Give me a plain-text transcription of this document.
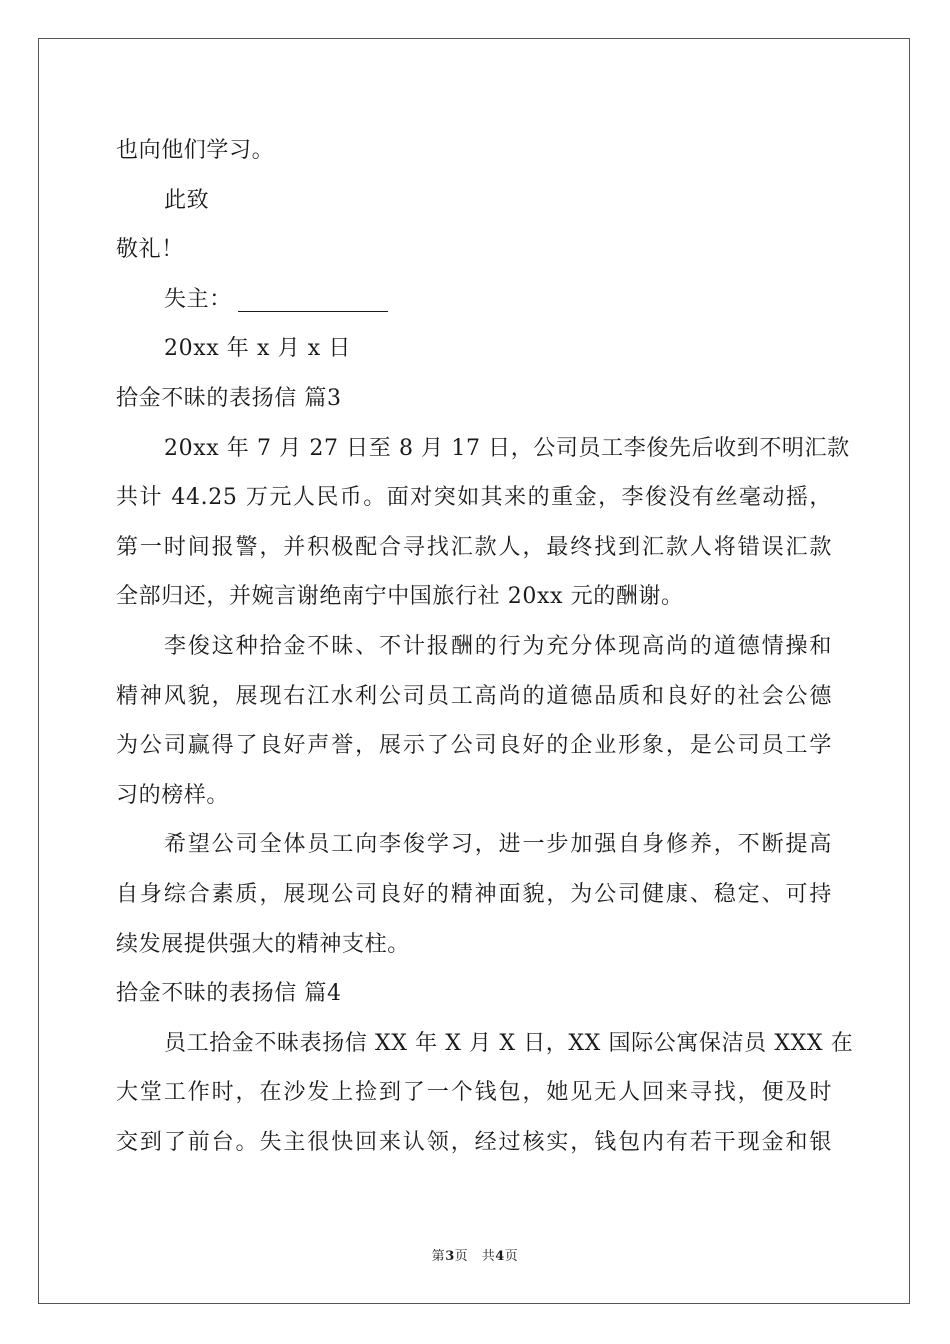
也向他们学习。
此致
敬礼！
失主：
20xx 年 x 月 x 日
拾金不昧的表扬信 篇3
20xx 年 7 月 27 日至 8 月 17 日，公司员工李俊先后收到不明汇款
共计 44.25 万元人民币。面对突如其来的重金，李俊没有丝毫动摇，
第一时间报警，并积极配合寻找汇款人，最终找到汇款人将错误汇款
全部归还，并婉言谢绝南宁中国旅行社 20xx 元的酬谢。
李俊这种拾金不昧、不计报酬的行为充分体现高尚的道德情操和
精神风貌，展现右江水利公司员工高尚的道德品质和良好的社会公德
为公司赢得了良好声誉，展示了公司良好的企业形象，是公司员工学
习的榜样。
希望公司全体员工向李俊学习，进一步加强自身修养，不断提高
自身综合素质，展现公司良好的精神面貌，为公司健康、稳定、可持
续发展提供强大的精神支柱。
拾金不昧的表扬信 篇4
员工拾金不昧表扬信 XX 年 X 月 X 日，XX 国际公寓保洁员 XXX 在
大堂工作时，在沙发上捡到了一个钱包，她见无人回来寻找，便及时
交到了前台。失主很快回来认领，经过核实，钱包内有若干现金和银
第3页　共4页
